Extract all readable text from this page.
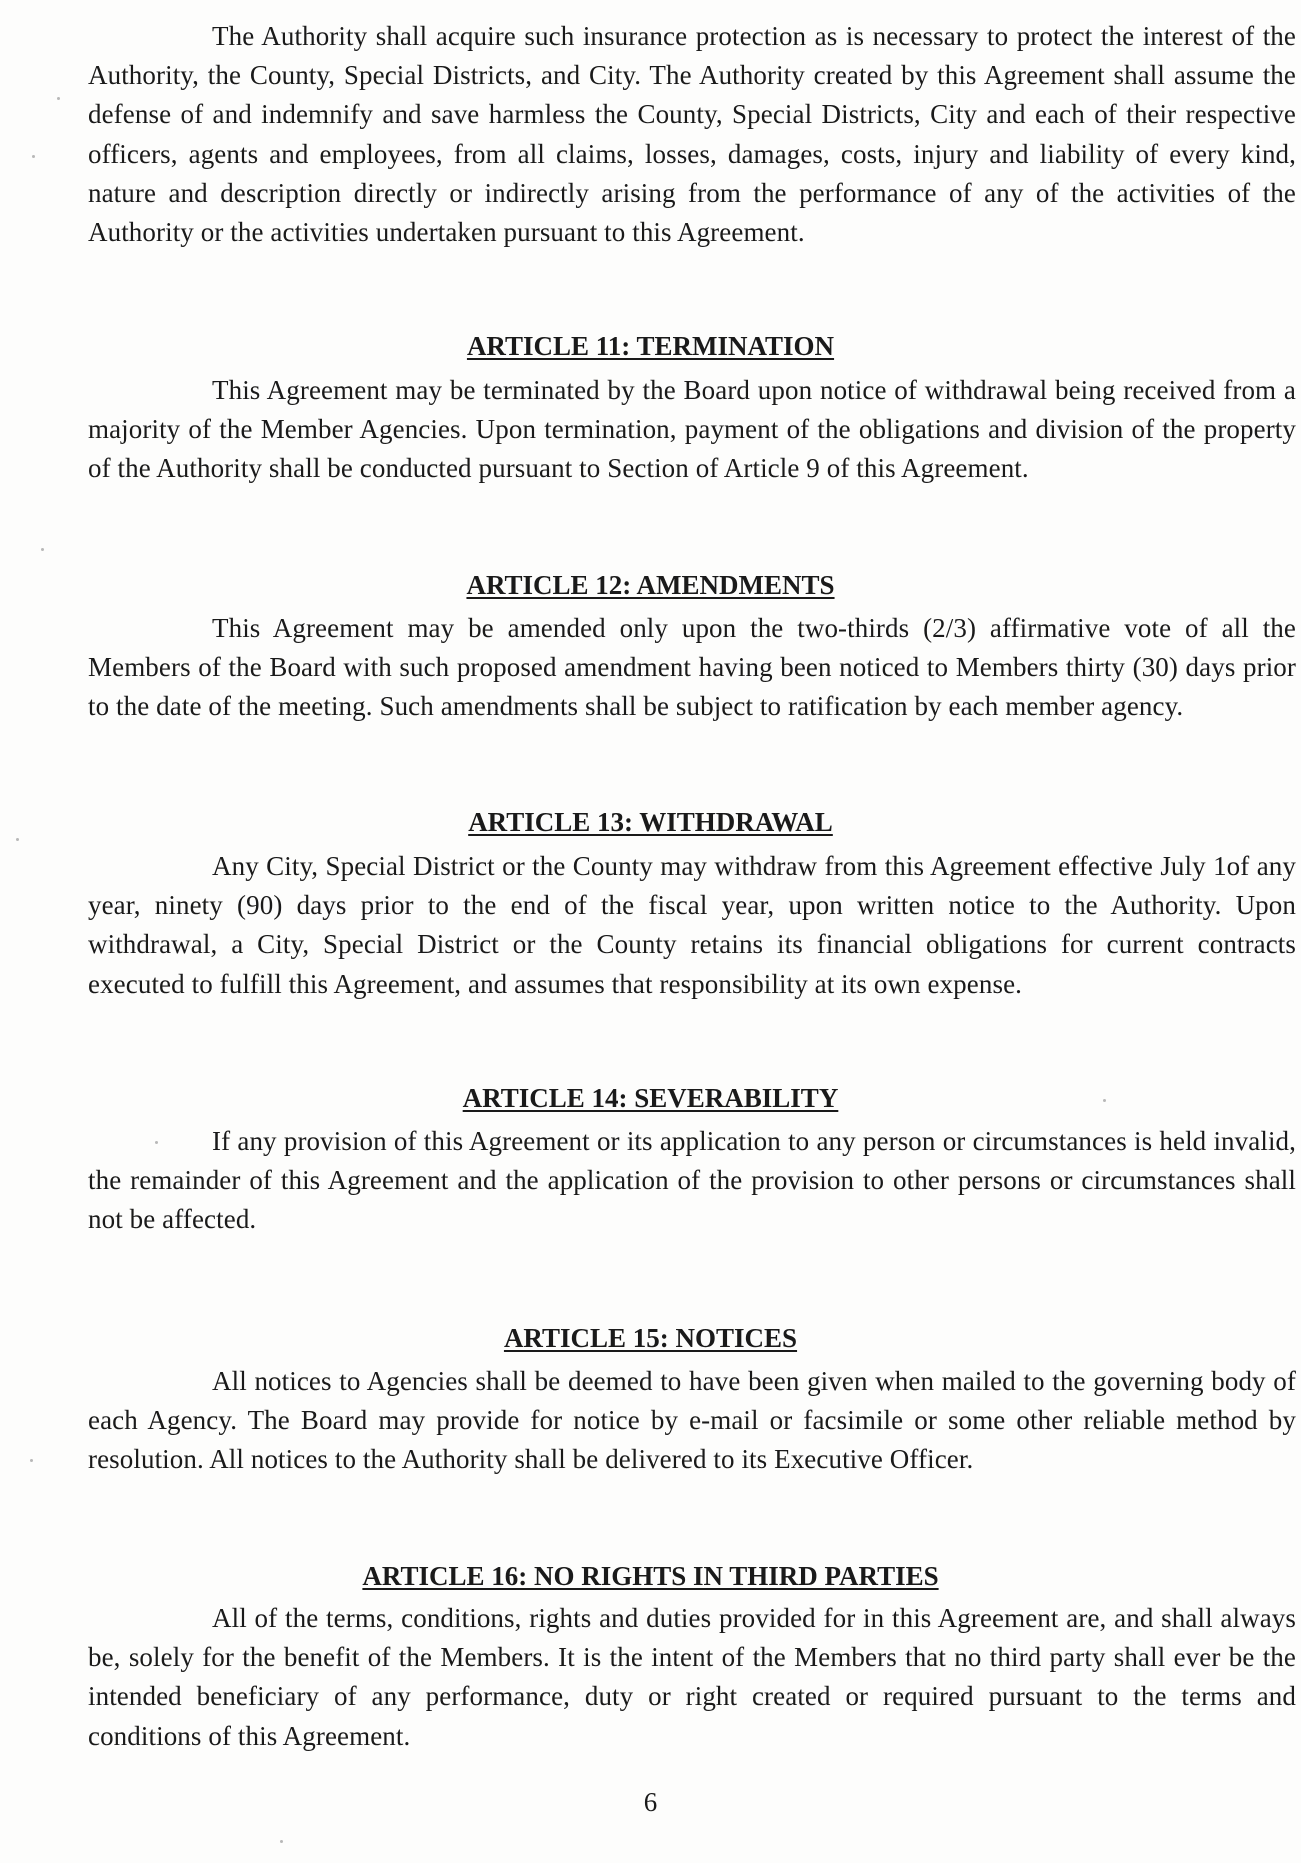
The Authority shall acquire such insurance protection as is necessary to protect the interest of the Authority, the County, Special Districts, and City. The Authority created by this Agreement shall assume the defense of and indemnify and save harmless the County, Special Districts, City and each of their respective officers, agents and employees, from all claims, losses, damages, costs, injury and liability of every kind, nature and description directly or indirectly arising from the performance of any of the activities of the Authority or the activities undertaken pursuant to this Agreement.

ARTICLE 11: TERMINATION

This Agreement may be terminated by the Board upon notice of withdrawal being received from a majority of the Member Agencies. Upon termination, payment of the obligations and division of the property of the Authority shall be conducted pursuant to Section of Article 9 of this Agreement.

ARTICLE 12: AMENDMENTS

This Agreement may be amended only upon the two-thirds (2/3) affirmative vote of all the Members of the Board with such proposed amendment having been noticed to Members thirty (30) days prior to the date of the meeting. Such amendments shall be subject to ratification by each member agency.

ARTICLE 13: WITHDRAWAL

Any City, Special District or the County may withdraw from this Agreement effective July 1of any year, ninety (90) days prior to the end of the fiscal year, upon written notice to the Authority. Upon withdrawal, a City, Special District or the County retains its financial obligations for current contracts executed to fulfill this Agreement, and assumes that responsibility at its own expense.

ARTICLE 14: SEVERABILITY

If any provision of this Agreement or its application to any person or circumstances is held invalid, the remainder of this Agreement and the application of the provision to other persons or circumstances shall not be affected.

ARTICLE 15: NOTICES

All notices to Agencies shall be deemed to have been given when mailed to the governing body of each Agency. The Board may provide for notice by e-mail or facsimile or some other reliable method by resolution. All notices to the Authority shall be delivered to its Executive Officer.

ARTICLE 16: NO RIGHTS IN THIRD PARTIES

All of the terms, conditions, rights and duties provided for in this Agreement are, and shall always be, solely for the benefit of the Members. It is the intent of the Members that no third party shall ever be the intended beneficiary of any performance, duty or right created or required pursuant to the terms and conditions of this Agreement.

6
